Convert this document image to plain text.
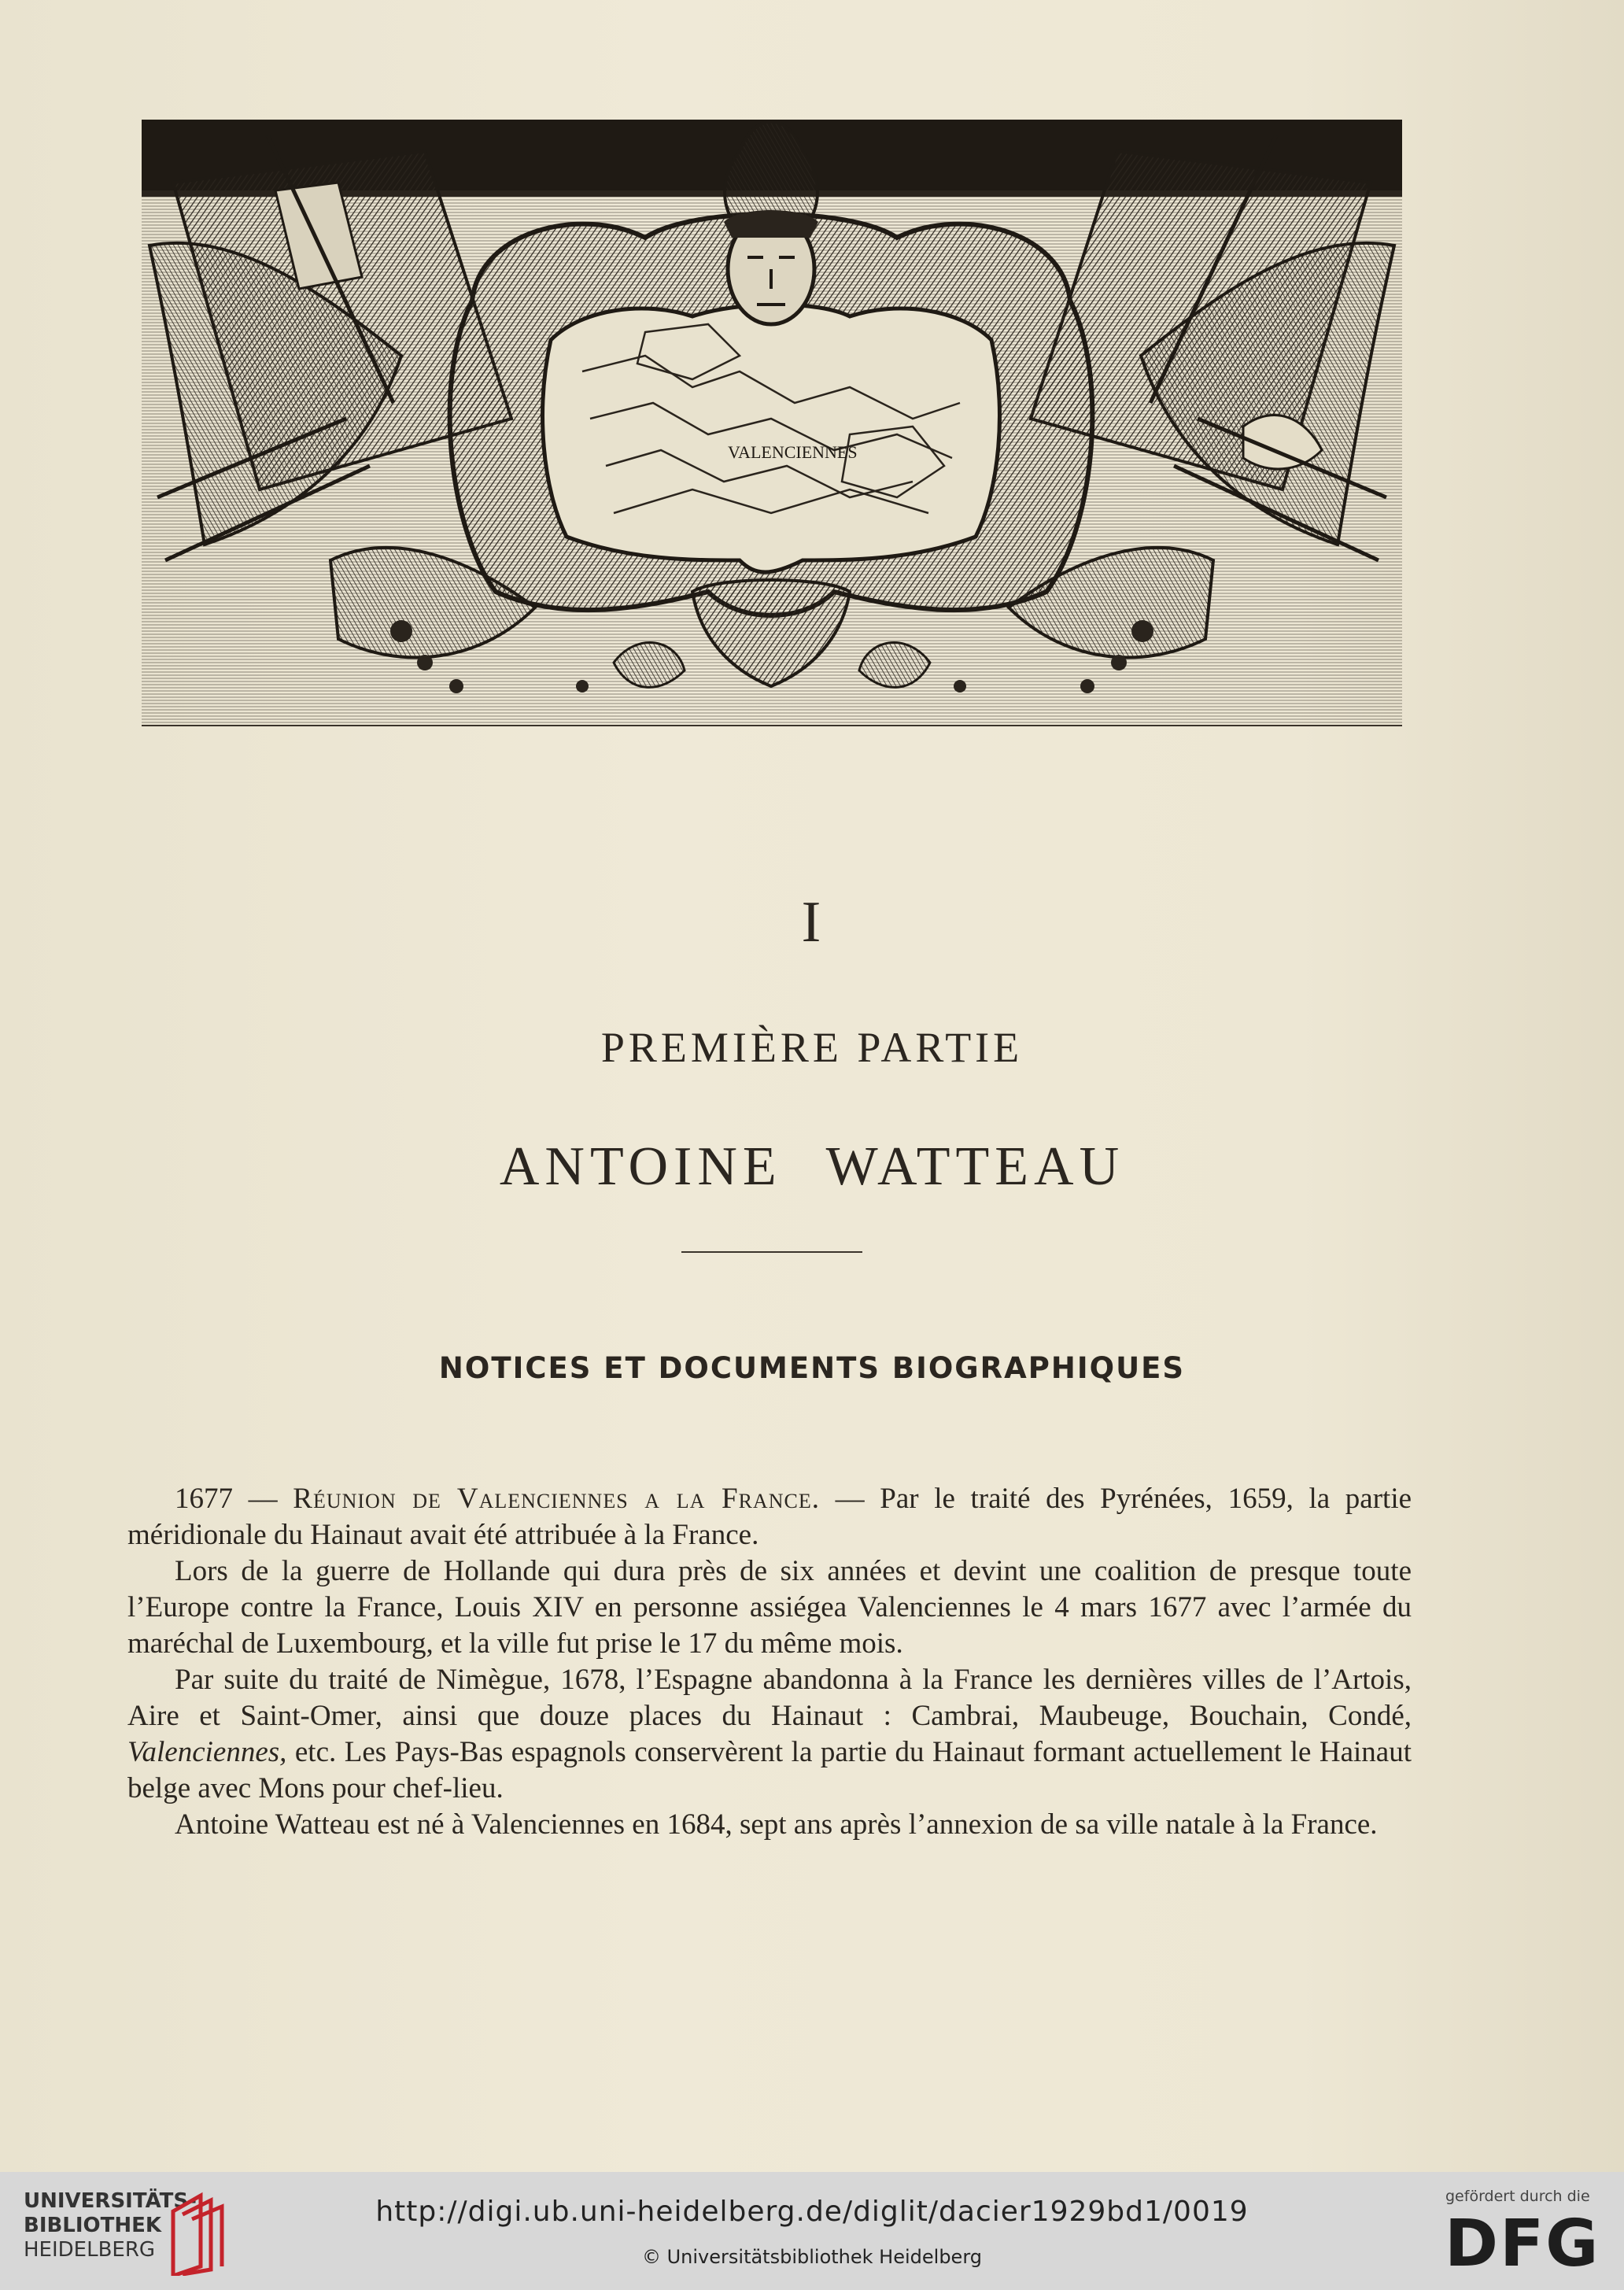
VALENCIENNES
I
PREMIÈRE PARTIE
ANTOINE WATTEAU
NOTICES ET DOCUMENTS BIOGRAPHIQUES

1677 — Réunion de Valenciennes a la France. — Par le traité des Pyrénées, 1659, la partie méridionale du Hainaut avait été attribuée à la France.

Lors de la guerre de Hollande qui dura près de six années et devint une coalition de presque toute l’Europe contre la France, Louis XIV en personne assiégea Valenciennes le 4 mars 1677 avec l’armée du maréchal de Luxembourg, et la ville fut prise le 17 du même mois.

Par suite du traité de Nimègue, 1678, l’Espagne abandonna à la France les dernières villes de l’Artois, Aire et Saint-Omer, ainsi que douze places du Hainaut : Cambrai, Maubeuge, Bouchain, Condé, Valenciennes, etc. Les Pays-Bas espagnols conservèrent la partie du Hainaut formant actuellement le Hainaut belge avec Mons pour chef-lieu.

Antoine Watteau est né à Valenciennes en 1684, sept ans après l’annexion de sa ville natale à la France.

UNIVERSITÄTS-
BIBLIOTHEK
HEIDELBERG
http://digi.ub.uni-heidelberg.de/diglit/dacier1929bd1/0019
© Universitätsbibliothek Heidelberg
gefördert durch die
DFG
